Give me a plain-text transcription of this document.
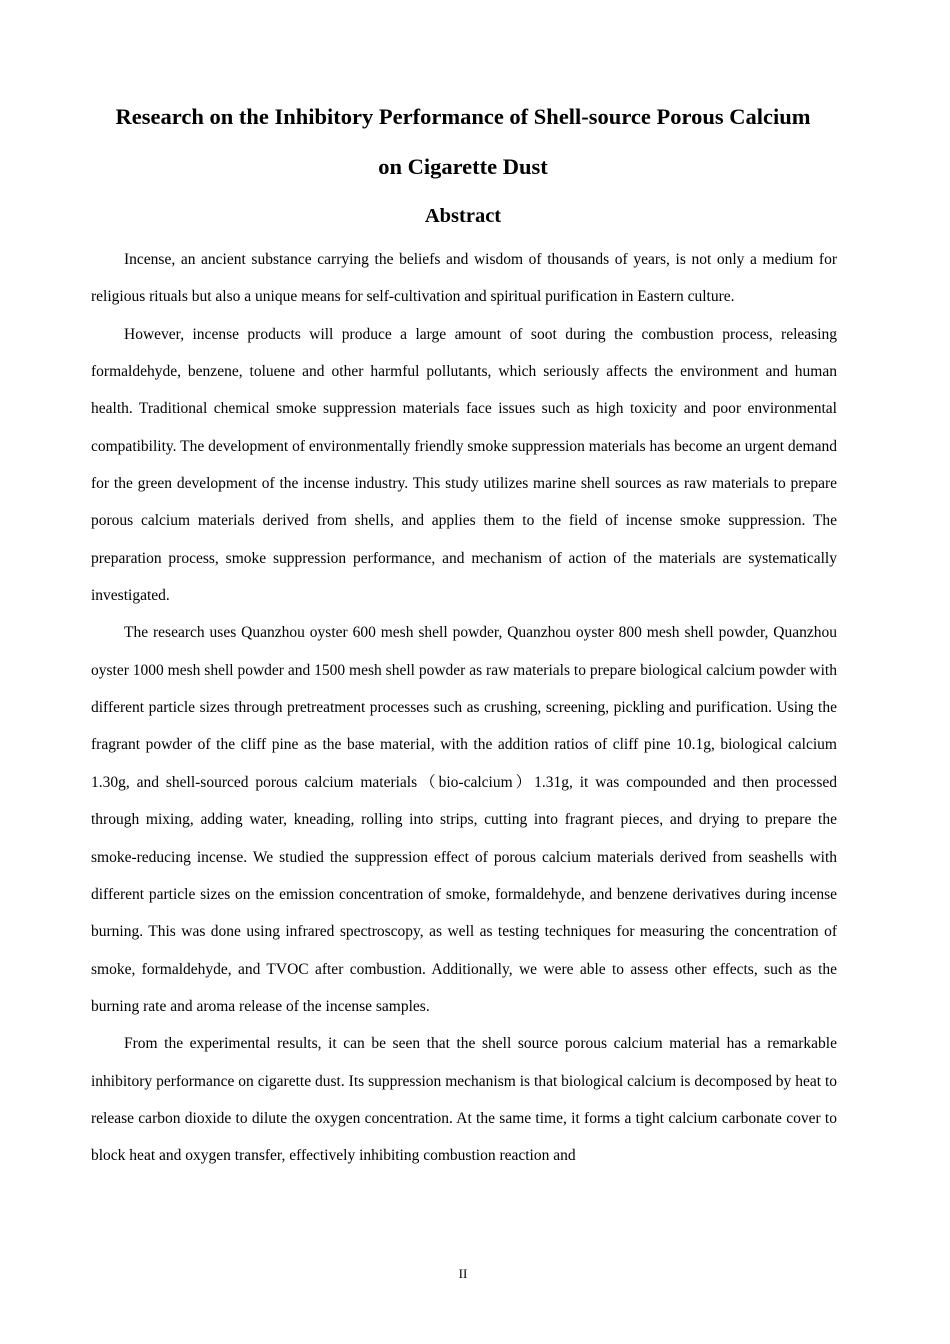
Research on the Inhibitory Performance of Shell-source Porous Calcium
on Cigarette Dust
Abstract

Incense, an ancient substance carrying the beliefs and wisdom of thousands of years, is not only a medium for religious rituals but also a unique means for self-cultivation and spiritual purification in Eastern culture.

However, incense products will produce a large amount of soot during the combustion process, releasing formaldehyde, benzene, toluene and other harmful pollutants, which seriously affects the environment and human health. Traditional chemical smoke suppression materials face issues such as high toxicity and poor environmental compatibility. The development of environmentally friendly smoke suppression materials has become an urgent demand for the green development of the incense industry. This study utilizes marine shell sources as raw materials to prepare porous calcium materials derived from shells, and applies them to the field of incense smoke suppression. The preparation process, smoke suppression performance, and mechanism of action of the materials are systematically investigated.

The research uses Quanzhou oyster 600 mesh shell powder, Quanzhou oyster 800 mesh shell powder, Quanzhou oyster 1000 mesh shell powder and 1500 mesh shell powder as raw materials to prepare biological calcium powder with different particle sizes through pretreatment processes such as crushing, screening, pickling and purification. Using the fragrant powder of the cliff pine as the base material, with the addition ratios of cliff pine 10.1g, biological calcium 1.30g, and shell-sourced porous calcium materials（bio-calcium）1.31g, it was compounded and then processed through mixing, adding water, kneading, rolling into strips, cutting into fragrant pieces, and drying to prepare the smoke-reducing incense. We studied the suppression effect of porous calcium materials derived from seashells with different particle sizes on the emission concentration of smoke, formaldehyde, and benzene derivatives during incense burning. This was done using infrared spectroscopy, as well as testing techniques for measuring the concentration of smoke, formaldehyde, and TVOC after combustion. Additionally, we were able to assess other effects, such as the burning rate and aroma release of the incense samples.

From the experimental results, it can be seen that the shell source porous calcium material has a remarkable inhibitory performance on cigarette dust. Its suppression mechanism is that biological calcium is decomposed by heat to release carbon dioxide to dilute the oxygen concentration. At the same time, it forms a tight calcium carbonate cover to block heat and oxygen transfer, effectively inhibiting combustion reaction and

II
